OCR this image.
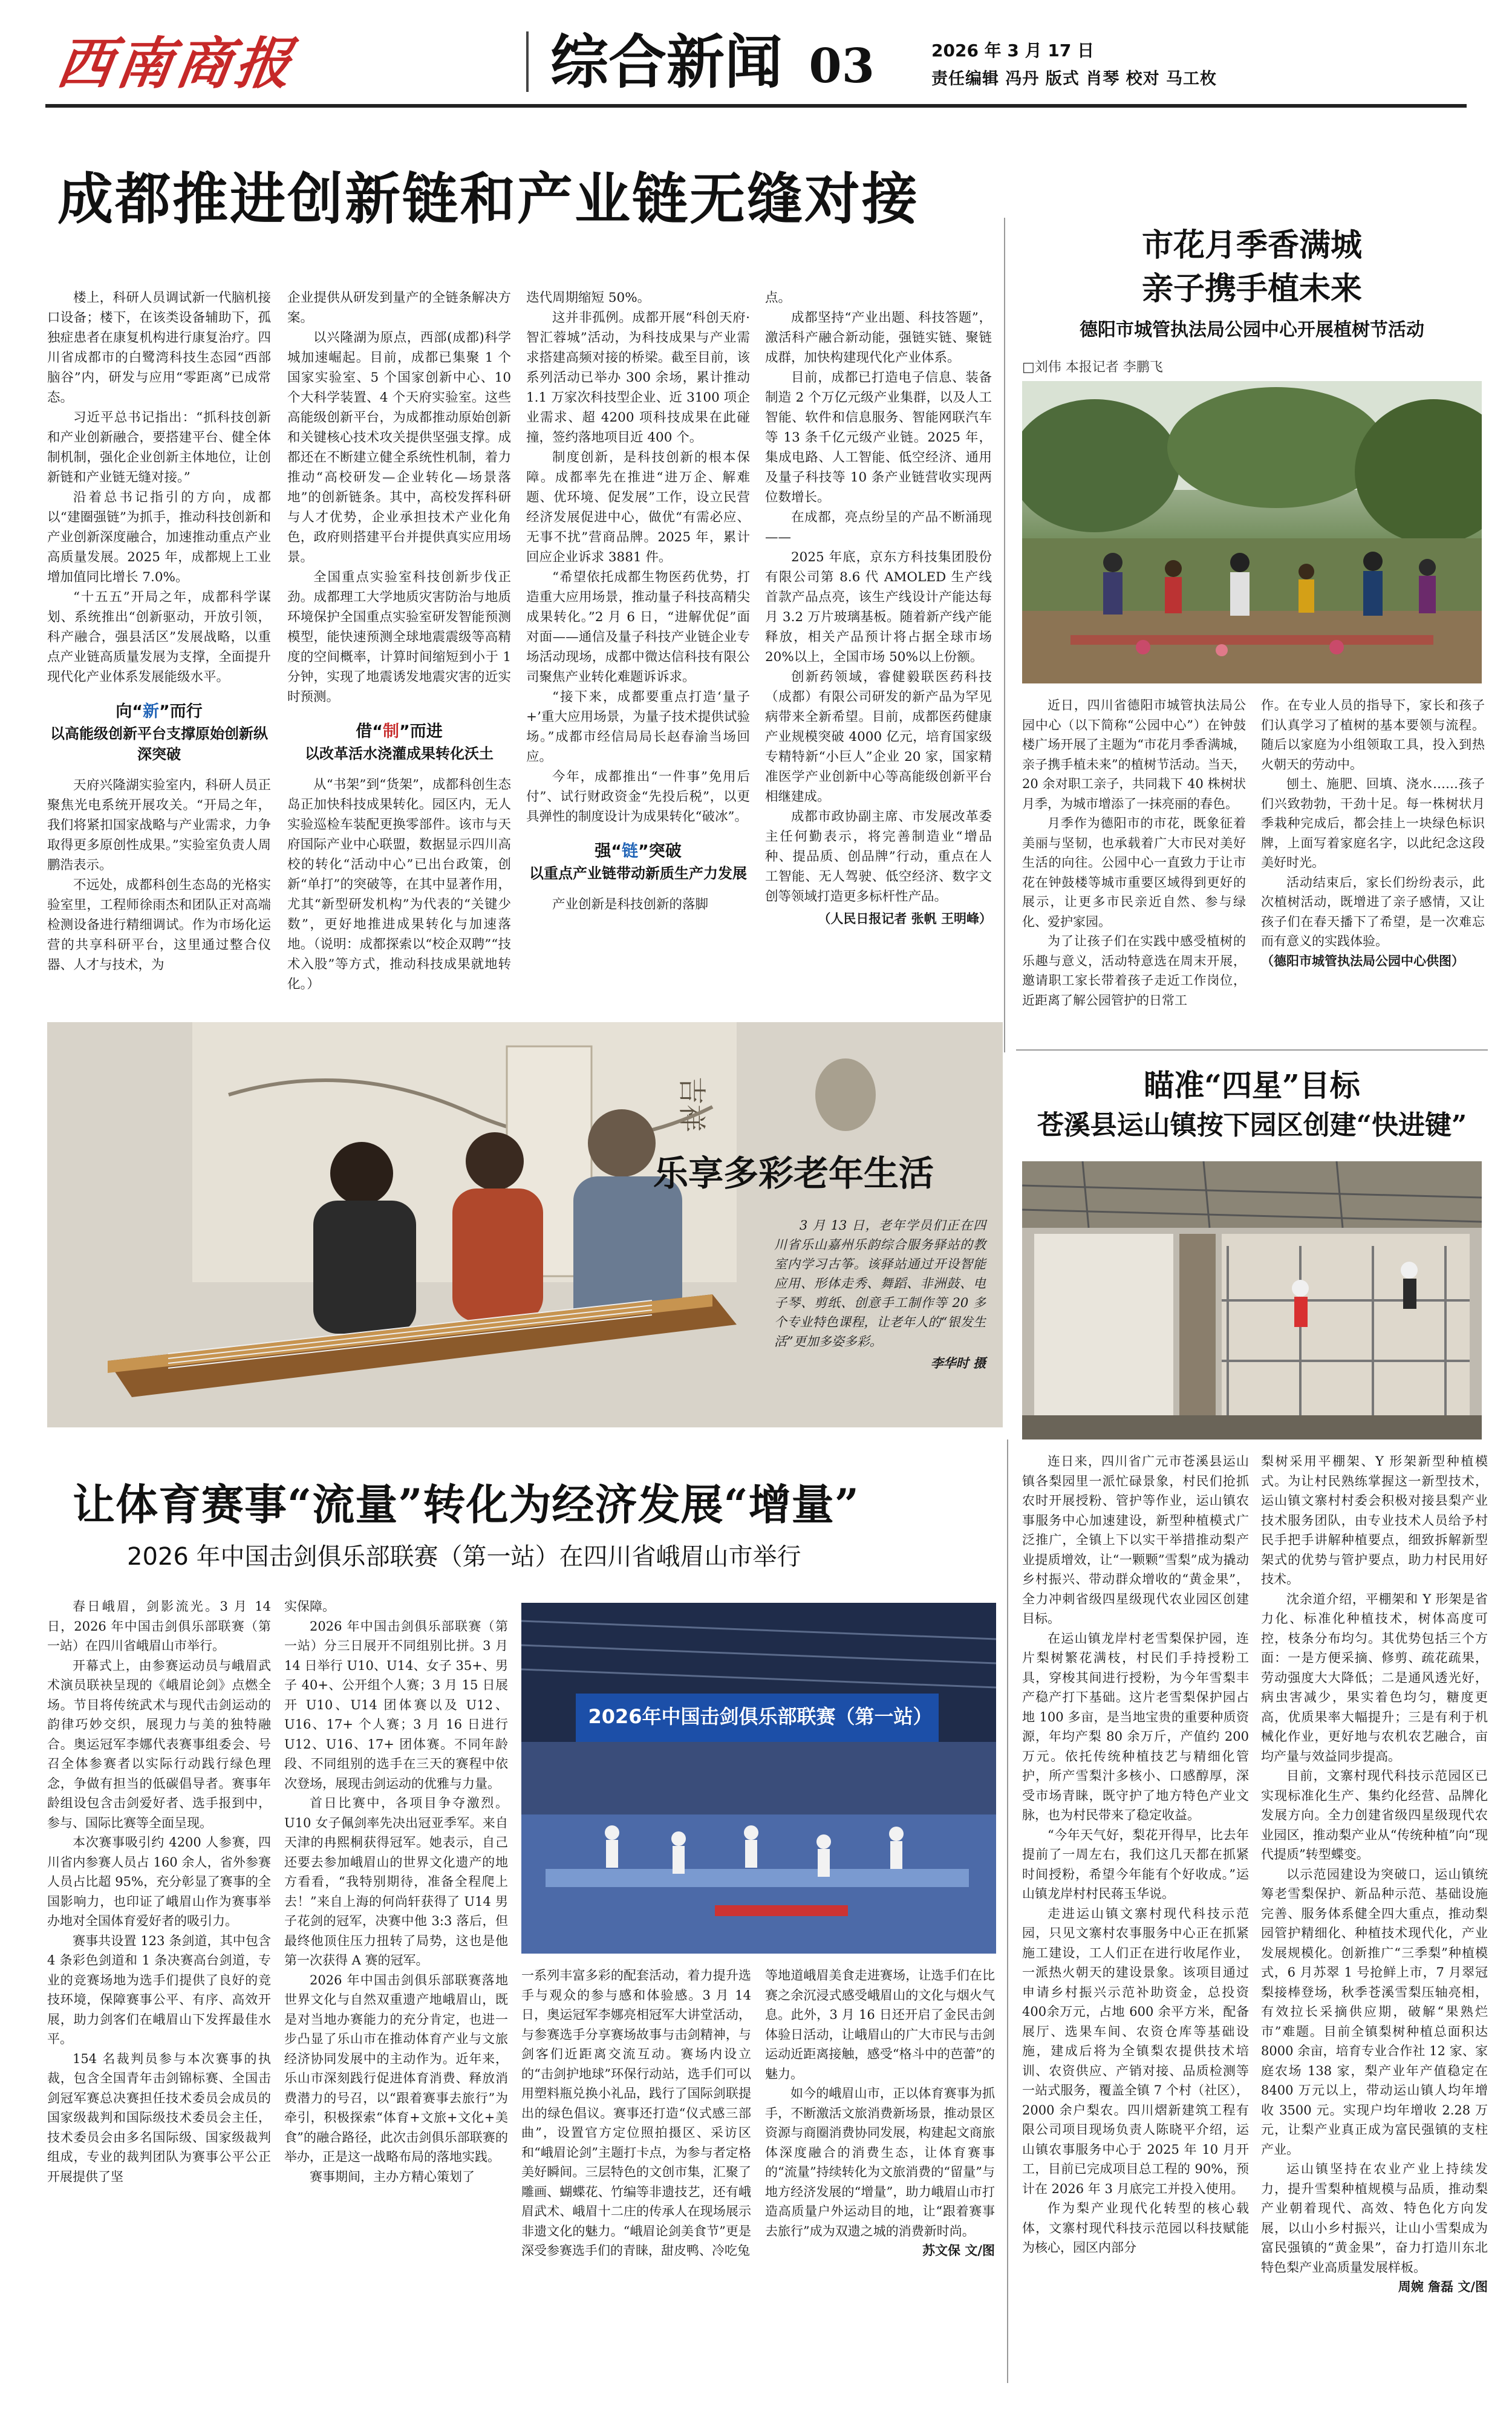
西南商报	综合新闻 03	2026 年 3 月 17 日
责任编辑 冯丹 版式 肖琴 校对 马工枚
成都推进创新链和产业链无缝对接

楼上，科研人员调试新一代脑机接口设备；楼下，在该类设备辅助下，孤独症患者在康复机构进行康复治疗。四川省成都市的白鹭湾科技生态园“西部脑谷”内，研发与应用“零距离”已成常态。

习近平总书记指出：“抓科技创新和产业创新融合，要搭建平台、健全体制机制，强化企业创新主体地位，让创新链和产业链无缝对接。”

沿着总书记指引的方向，成都以“建圈强链”为抓手，推动科技创新和产业创新深度融合，加速推动重点产业高质量发展。2025 年，成都规上工业增加值同比增长 7.0%。

“十五五”开局之年，成都科学谋划、系统推出“创新驱动，开放引领，科产融合，强县活区”发展战略，以重点产业链高质量发展为支撑，全面提升现代化产业体系发展能级水平。

向“新”而行
以高能级创新平台支撑原始创新纵深突破

天府兴隆湖实验室内，科研人员正聚焦光电系统开展攻关。“开局之年，我们将紧扣国家战略与产业需求，力争取得更多原创性成果。”实验室负责人周鹏浩表示。

不远处，成都科创生态岛的光格实验室里，工程师徐雨杰和团队正对高端检测设备进行精细调试。作为市场化运营的共享科研平台，这里通过整合仪器、人才与技术，为

企业提供从研发到量产的全链条解决方案。

以兴隆湖为原点，西部(成都)科学城加速崛起。目前，成都已集聚 1 个国家实验室、5 个国家创新中心、10 个大科学装置、4 个天府实验室。这些高能级创新平台，为成都推动原始创新和关键核心技术攻关提供坚强支撑。成都还在不断建立健全系统性机制，着力推动“高校研发—企业转化—场景落地”的创新链条。其中，高校发挥科研与人才优势，企业承担技术产业化角色，政府则搭建平台并提供真实应用场景。

全国重点实验室科技创新步伐正劲。成都理工大学地质灾害防治与地质环境保护全国重点实验室研发智能预测模型，能快速预测全球地震震级等高精度的空间概率，计算时间缩短到小于 1 分钟，实现了地震诱发地震灾害的近实时预测。

借“制”而进
以改革活水浇灌成果转化沃土

从“书架”到“货架”，成都科创生态岛正加快科技成果转化。园区内，无人实验巡检车装配更换零部件。该市与天府国际产业中心联盟，数据显示四川高校的转化“活动中心”已出台政策，创新“单打”的突破等，在其中显著作用，尤其“新型研发机构”为代表的“关键少数”，更好地推进成果转化与加速落地。（说明：成都探索以“校企双聘”“技术入股”等方式，推动科技成果就地转化。）

迭代周期缩短 50%。

这并非孤例。成都开展“科创天府·智汇蓉城”活动，为科技成果与产业需求搭建高频对接的桥梁。截至目前，该系列活动已举办 300 余场，累计推动 1.1 万家次科技型企业、近 3100 项企业需求、超 4200 项科技成果在此碰撞，签约落地项目近 400 个。

制度创新，是科技创新的根本保障。成都率先在推进“进万企、解难题、优环境、促发展”工作，设立民营经济发展促进中心，做优“有需必应、无事不扰”营商品牌。2025 年，累计回应企业诉求 3881 件。

“希望依托成都生物医药优势，打造重大应用场景，推动量子科技高精尖成果转化。”2 月 6 日，“进解优促”面对面——通信及量子科技产业链企业专场活动现场，成都中微达信科技有限公司聚焦产业转化难题诉诉求。

“接下来，成都要重点打造‘量子+’重大应用场景，为量子技术提供试验场。”成都市经信局局长赵春渝当场回应。

今年，成都推出“一件事”免用后付”、试行财政资金“先投后税”，以更具弹性的制度设计为成果转化“破冰”。

强“链”突破
以重点产业链带动新质生产力发展

产业创新是科技创新的落脚

点。

成都坚持“产业出题、科技答题”，激活科产融合新动能，强链实链、聚链成群，加快构建现代化产业体系。

目前，成都已打造电子信息、装备制造 2 个万亿元级产业集群，以及人工智能、软件和信息服务、智能网联汽车等 13 条千亿元级产业链。2025 年，集成电路、人工智能、低空经济、通用及量子科技等 10 条产业链营收实现两位数增长。

在成都，亮点纷呈的产品不断涌现——

2025 年底，京东方科技集团股份有限公司第 8.6 代 AMOLED 生产线首款产品点亮，该生产线设计产能达每月 3.2 万片玻璃基板。随着新产线产能释放，相关产品预计将占据全球市场 20%以上，全国市场 50%以上份额。

创新药领域，睿健毅联医药科技（成都）有限公司研发的新产品为罕见病带来全新希望。目前，成都医药健康产业规模突破 4000 亿元，培育国家级专精特新“小巨人”企业 20 家，国家精准医学产业创新中心等高能级创新平台相继建成。

成都市政协副主席、市发展改革委主任何勤表示，将完善制造业“增品种、提品质、创品牌”行动，重点在人工智能、无人驾驶、低空经济、数字文创等领域打造更多标杆性产品。

（人民日报记者 张帆 王明峰）

市花月季香满城
亲子携手植未来
德阳市城管执法局公园中心开展植树节活动
□刘伟 本报记者 李鹏飞

近日，四川省德阳市城管执法局公园中心（以下简称“公园中心”）在钟鼓楼广场开展了主题为“市花月季香满城，亲子携手植未来”的植树节活动。当天，20 余对职工亲子，共同栽下 40 株树状月季，为城市增添了一抹亮丽的春色。

月季作为德阳市的市花，既象征着美丽与坚韧，也承载着广大市民对美好生活的向往。公园中心一直致力于让市花在钟鼓楼等城市重要区域得到更好的展示，让更多市民亲近自然、参与绿化、爱护家园。

为了让孩子们在实践中感受植树的乐趣与意义，活动特意选在周末开展，邀请职工家长带着孩子走近工作岗位，近距离了解公园管护的日常工

作。在专业人员的指导下，家长和孩子们认真学习了植树的基本要领与流程。随后以家庭为小组领取工具，投入到热火朝天的劳动中。

刨土、施肥、回填、浇水……孩子们兴致勃勃，干劲十足。每一株树状月季栽种完成后，都会挂上一块绿色标识牌，上面写着家庭名字，以此纪念这段美好时光。

活动结束后，家长们纷纷表示，此次植树活动，既增进了亲子感情，又让孩子们在春天播下了希望，是一次难忘而有意义的实践体验。

（德阳市城管执法局公园中心供图）

吉祥
乐享多彩老年生活

3 月 13 日，老年学员们正在四川省乐山嘉州乐韵综合服务驿站的教室内学习古筝。该驿站通过开设智能应用、形体走秀、舞蹈、非洲鼓、电子琴、剪纸、创意手工制作等 20 多个专业特色课程，让老年人的“银发生活”更加多姿多彩。

李华时 摄

瞄准“四星”目标
苍溪县运山镇按下园区创建“快进键”

连日来，四川省广元市苍溪县运山镇各梨园里一派忙碌景象，村民们抢抓农时开展授粉、管护等作业，运山镇农事服务中心加速建设，新型种植模式广泛推广，全镇上下以实干举措推动梨产业提质增效，让“一颗颗”雪梨”成为撬动乡村振兴、带动群众增收的“黄金果”，全力冲刺省级四星级现代农业园区创建目标。

在运山镇龙岸村老雪梨保护园，连片梨树繁花满枝，村民们手持授粉工具，穿梭其间进行授粉，为今年雪梨丰产稳产打下基础。这片老雪梨保护园占地 100 多亩，是当地宝贵的重要种质资源，年均产梨 80 余万斤，产值约 200 万元。依托传统种植技艺与精细化管护，所产雪梨汁多核小、口感醇厚，深受市场青睐，既守护了地方特色产业文脉，也为村民带来了稳定收益。

“今年天气好，梨花开得早，比去年提前了一周左右，我们这几天都在抓紧时间授粉，希望今年能有个好收成。”运山镇龙岸村村民蒋玉华说。

走进运山镇文寨村现代科技示范园，只见文寨村农事服务中心正在抓紧施工建设，工人们正在进行收尾作业，一派热火朝天的建设景象。该项目通过申请乡村振兴示范补助资金，总投资 400余万元，占地 600 余平方米，配备展厅、选果车间、农资仓库等基础设施，建成后将为全镇梨农提供技术培训、农资供应、产销对接、品质检测等一站式服务，覆盖全镇 7 个村（社区），2000 余户梨农。四川熠新建筑工程有限公司项目现场负责人陈晓平介绍，运山镇农事服务中心于 2025 年 10 月开工，目前已完成项目总工程的 90%，预计在 2026 年 3 月底完工并投入使用。

作为梨产业现代化转型的核心载体，文寨村现代科技示范园以科技赋能为核心，园区内部分

梨树采用平棚架、Y 形架新型种植模式。为让村民熟练掌握这一新型技术，运山镇文寨村村委会积极对接县梨产业技术服务团队，由专业技术人员给予村民手把手讲解种植要点，细致拆解新型架式的优势与管护要点，助力村民用好技术。

沈余道介绍，平棚架和 Y 形架是省力化、标准化种植技术，树体高度可控，枝条分布均匀。其优势包括三个方面：一是方便采摘、修剪、疏花疏果，劳动强度大大降低；二是通风透光好，病虫害减少，果实着色均匀，糖度更高，优质果率大幅提升；三是有利于机械化作业，更好地与农机农艺融合，亩均产量与效益同步提高。

目前，文寨村现代科技示范园区已实现标准化生产、集约化经营、品牌化发展方向。全力创建省级四星级现代农业园区，推动梨产业从“传统种植”向“现代提质”转型蝶变。

以示范园建设为突破口，运山镇统筹老雪梨保护、新品种示范、基础设施完善、服务体系健全四大重点，推动梨园管护精细化、种植技术现代化，产业发展规模化。创新推广“三季梨”种植模式，6 月苏翠 1 号抢鲜上市，7 月翠冠梨接棒登场，秋季苍溪雪梨压轴亮相，有效拉长采摘供应期，破解“果熟烂市”难题。目前全镇梨树种植总面积达 8000 余亩，培育专业合作社 12 家、家庭农场 138 家，梨产业年产值稳定在 8400 万元以上，带动运山镇人均年增收 3500 元。实现户均年增收 2.28 万元，让梨产业真正成为富民强镇的支柱产业。

运山镇坚持在农业产业上持续发力，提升雪梨种植规模与品质，推动梨产业朝着现代、高效、特色化方向发展，以山小乡村振兴，让山小雪梨成为富民强镇的“黄金果”，奋力打造川东北特色梨产业高质量发展样板。

周婉 詹磊 文/图

让体育赛事“流量”转化为经济发展“增量”
2026 年中国击剑俱乐部联赛（第一站）在四川省峨眉山市举行

春日峨眉，剑影流光。3 月 14 日，2026 年中国击剑俱乐部联赛（第一站）在四川省峨眉山市举行。

开幕式上，由参赛运动员与峨眉武术演员联袂呈现的《峨眉论剑》点燃全场。节目将传统武术与现代击剑运动的韵律巧妙交织，展现力与美的独特融合。奥运冠军李娜代表赛事组委会、号召全体参赛者以实际行动践行绿色理念，争做有担当的低碳倡导者。赛事年龄组设包含击剑爱好者、选手报到中，参与、国际比赛等全面呈现。

本次赛事吸引约 4200 人参赛，四川省内参赛人员占 160 余人，省外参赛人员占比超 95%，充分彰显了赛事的全国影响力，也印证了峨眉山作为赛事举办地对全国体育爱好者的吸引力。

赛事共设置 123 条剑道，其中包含 4 条彩色剑道和 1 条决赛高台剑道，专业的竞赛场地为选手们提供了良好的竞技环境，保障赛事公平、有序、高效开展，助力剑客们在峨眉山下发挥最佳水平。

154 名裁判员参与本次赛事的执裁，包含全国青年击剑锦标赛、全国击剑冠军赛总决赛担任技术委员会成员的国家级裁判和国际级技术委员会主任，技术委员会由多名国际级、国家级裁判组成，专业的裁判团队为赛事公平公正开展提供了坚

实保障。

2026 年中国击剑俱乐部联赛（第一站）分三日展开不同组别比拼。3 月 14 日举行 U10、U14、女子 35+、男子 40+、公开组个人赛；3 月 15 日展开 U10、U14 团体赛以及 U12、U16、17+ 个人赛；3 月 16 日进行 U12、U16、17+ 团体赛。不同年龄段、不同组别的选手在三天的赛程中依次登场，展现击剑运动的优雅与力量。

首日比赛中，各项目争夺激烈。U10 女子佩剑率先决出冠亚季军。来自天津的冉熙桐获得冠军。她表示，自己还要去参加峨眉山的世界文化遗产的地方看看，“我特别期待，准备全程爬上去！”来自上海的何尚轩获得了 U14 男子花剑的冠军，决赛中他 3:3 落后，但最终他顶住压力扭转了局势，这也是他第一次获得 A 赛的冠军。

2026 年中国击剑俱乐部联赛落地世界文化与自然双重遗产地峨眉山，既是对当地办赛能力的充分肯定，也进一步凸显了乐山市在推动体育产业与文旅经济协同发展中的主动作为。近年来，乐山市深刻践行促进体育消费、释放消费潜力的号召，以“跟着赛事去旅行”为牵引，积极探索“体育+文旅+文化+美食”的融合路径，此次击剑俱乐部联赛的举办，正是这一战略布局的落地实践。

赛事期间，主办方精心策划了

2026年中国击剑俱乐部联赛（第一站）

一系列丰富多彩的配套活动，着力提升选手与观众的参与感和体验感。3 月 14 日，奥运冠军李娜亮相冠军大讲堂活动，与参赛选手分享赛场故事与击剑精神，与剑客们近距离交流互动。赛场内设立的“击剑护地球”环保行动站，选手们可以用塑料瓶兑换小礼品，践行了国际剑联提出的绿色倡议。赛事还打造“仪式感三部曲”，设置官方定位照拍摄区、采访区和“峨眉论剑”主题打卡点，为参与者定格美好瞬间。三层特色的文创市集，汇聚了雕画、蝴蝶花、竹编等非遗技艺，还有峨眉武术、峨眉十二庄的传承人在现场展示非遗文化的魅力。“峨眉论剑美食节”更是深受参赛选手们的青睐，甜皮鸭、冷吃兔

等地道峨眉美食走进赛场，让选手们在比赛之余沉浸式感受峨眉山的文化与烟火气息。此外，3 月 16 日还开启了金民击剑体验日活动，让峨眉山的广大市民与击剑运动近距离接触，感受“格斗中的芭蕾”的魅力。

如今的峨眉山市，正以体育赛事为抓手，不断激活文旅消费新场景，推动景区资源与商圈消费协同发展，构建起文商旅体深度融合的消费生态，让体育赛事的“流量”持续转化为文旅消费的“留量”与地方经济发展的“增量”，助力峨眉山市打造高质量户外运动目的地，让“跟着赛事去旅行”成为双遗之城的消费新时尚。

苏文保 文/图
